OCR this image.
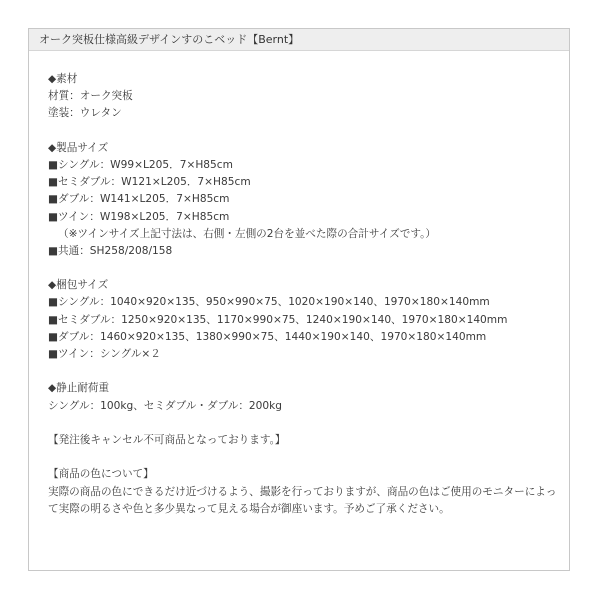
オーク突板仕様高級デザインすのこベッド【Bernt】
◆素材
材質：オーク突板
塗装：ウレタン
◆製品サイズ
■シングル：W99×L205．7×H85cm
■セミダブル：W121×L205．7×H85cm
■ダブル：W141×L205．7×H85cm
■ツイン：W198×L205．7×H85cm
（※ツインサイズ上記寸法は、右側・左側の2台を並べた際の合計サイズです。）
■共通：SH258/208/158
◆梱包サイズ
■シングル：1040×920×135、950×990×75、1020×190×140、1970×180×140mm
■セミダブル：1250×920×135、1170×990×75、1240×190×140、1970×180×140mm
■ダブル：1460×920×135、1380×990×75、1440×190×140、1970×180×140mm
■ツイン：シングル×２
◆静止耐荷重
シングル：100kg、セミダブル・ダブル：200kg
【発注後キャンセル不可商品となっております。】
【商品の色について】
実際の商品の色にできるだけ近づけるよう、撮影を行っておりますが、商品の色はご使用のモニターによって実際の明るさや色と多少異なって見える場合が御座います。予めご了承ください。
